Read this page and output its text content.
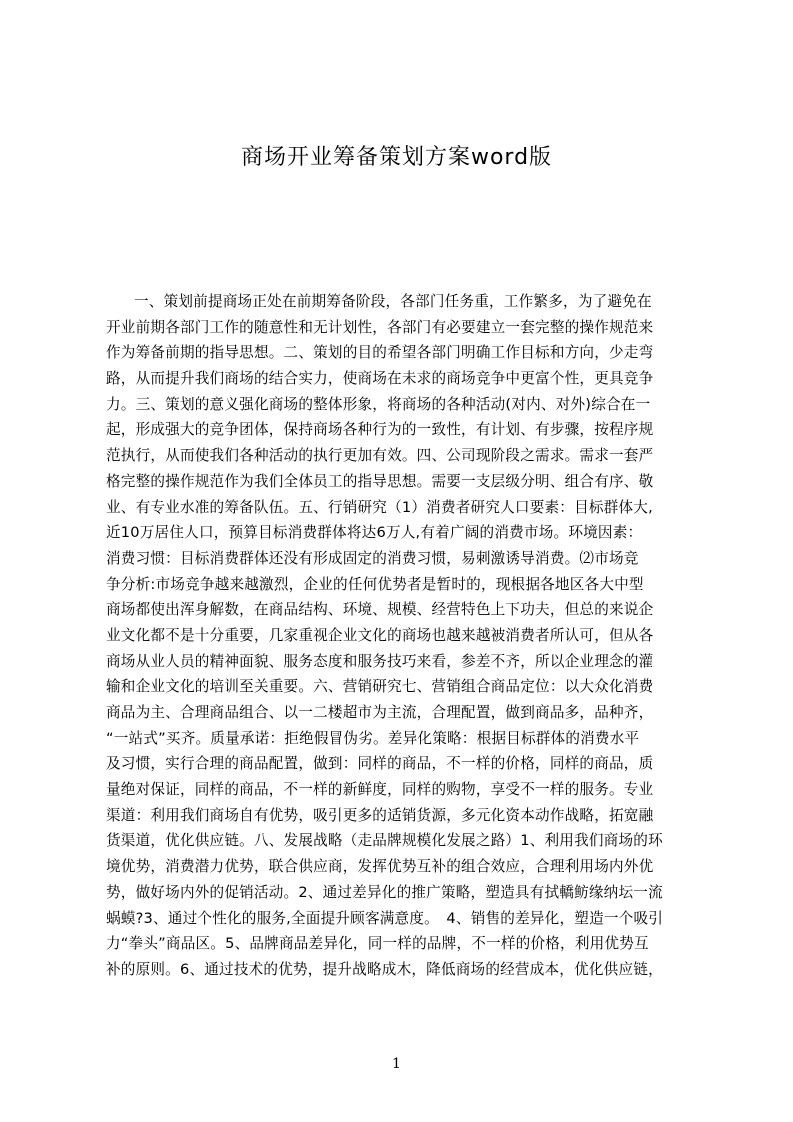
商场开业筹备策划方案word版
一、策划前提商场正处在前期筹备阶段，各部门任务重，工作繁多，为了避免在
开业前期各部门工作的随意性和无计划性，各部门有必要建立一套完整的操作规范来
作为筹备前期的指导思想。二、策划的目的希望各部门明确工作目标和方向，少走弯
路，从而提升我们商场的结合实力，使商场在未求的商场竞争中更富个性，更具竞争
力。三、策划的意义强化商场的整体形象，将商场的各种活动(对内、对外)综合在一
起，形成强大的竞争团体，保持商场各种行为的一致性，有计划、有步骤，按程序规
范执行，从而使我们各种活动的执行更加有效。四、公司现阶段之需求。需求一套严
格完整的操作规范作为我们全体员工的指导思想。需要一支层级分明、组合有序、敬
业、有专业水准的筹备队伍。五、行销研究（1）消费者研究人口要素：目标群体大,
近10万居住人口，预算目标消费群体将达6万人,有着广阔的消费市场。环境因素：
消费习惯：目标消费群体还没有形成固定的消费习惯，易刺激诱导消费。⑵市场竞
争分析:市场竞争越来越激烈，企业的任何优势者是暂时的，现根据各地区各大中型
商场都使出浑身解数，在商品结构、环境、规模、经营特色上下功夫，但总的来说企
业文化都不是十分重要，几家重视企业文化的商场也越来越被消费者所认可，但从各
商场从业人员的精神面貌、服务态度和服务技巧来看，参差不齐，所以企业理念的灌
输和企业文化的培训至关重要。六、营销研究七、营销组合商品定位：以大众化消费
商品为主、合理商品组合、以一二楼超市为主流，合理配置，做到商品多，品种齐，
“一站式”买齐。质量承诺：拒绝假冒伪劣。差异化策略：根据目标群体的消费水平
及习惯，实行合理的商品配置，做到：同样的商品，不一样的价格，同样的商品，质
量绝对保证，同样的商品，不一样的新鲜度，同样的购物，享受不一样的服务。专业
渠道：利用我们商场自有优势，吸引更多的适销货源，多元化资本动作战略，拓宽融
货渠道，优化供应链。八、发展战略（走品牌规模化发展之路）1、利用我们商场的环
境优势，消费潜力优势，联合供应商，发挥优势互补的组合效应，合理利用场内外优
势，做好场内外的促销活动。2、通过差异化的推广策略，塑造具有拭轎鲂缘纳坛一流
蜗蟆?3、通过个性化的服务,全面提升顾客满意度。　4、销售的差异化，塑造一个吸引
力“拳头”商品区。5、品牌商品差异化，同一样的品牌，不一样的价格，利用优势互
补的原则。6、通过技术的优势，提升战略成木，降低商场的经营成本，优化供应链，
1
